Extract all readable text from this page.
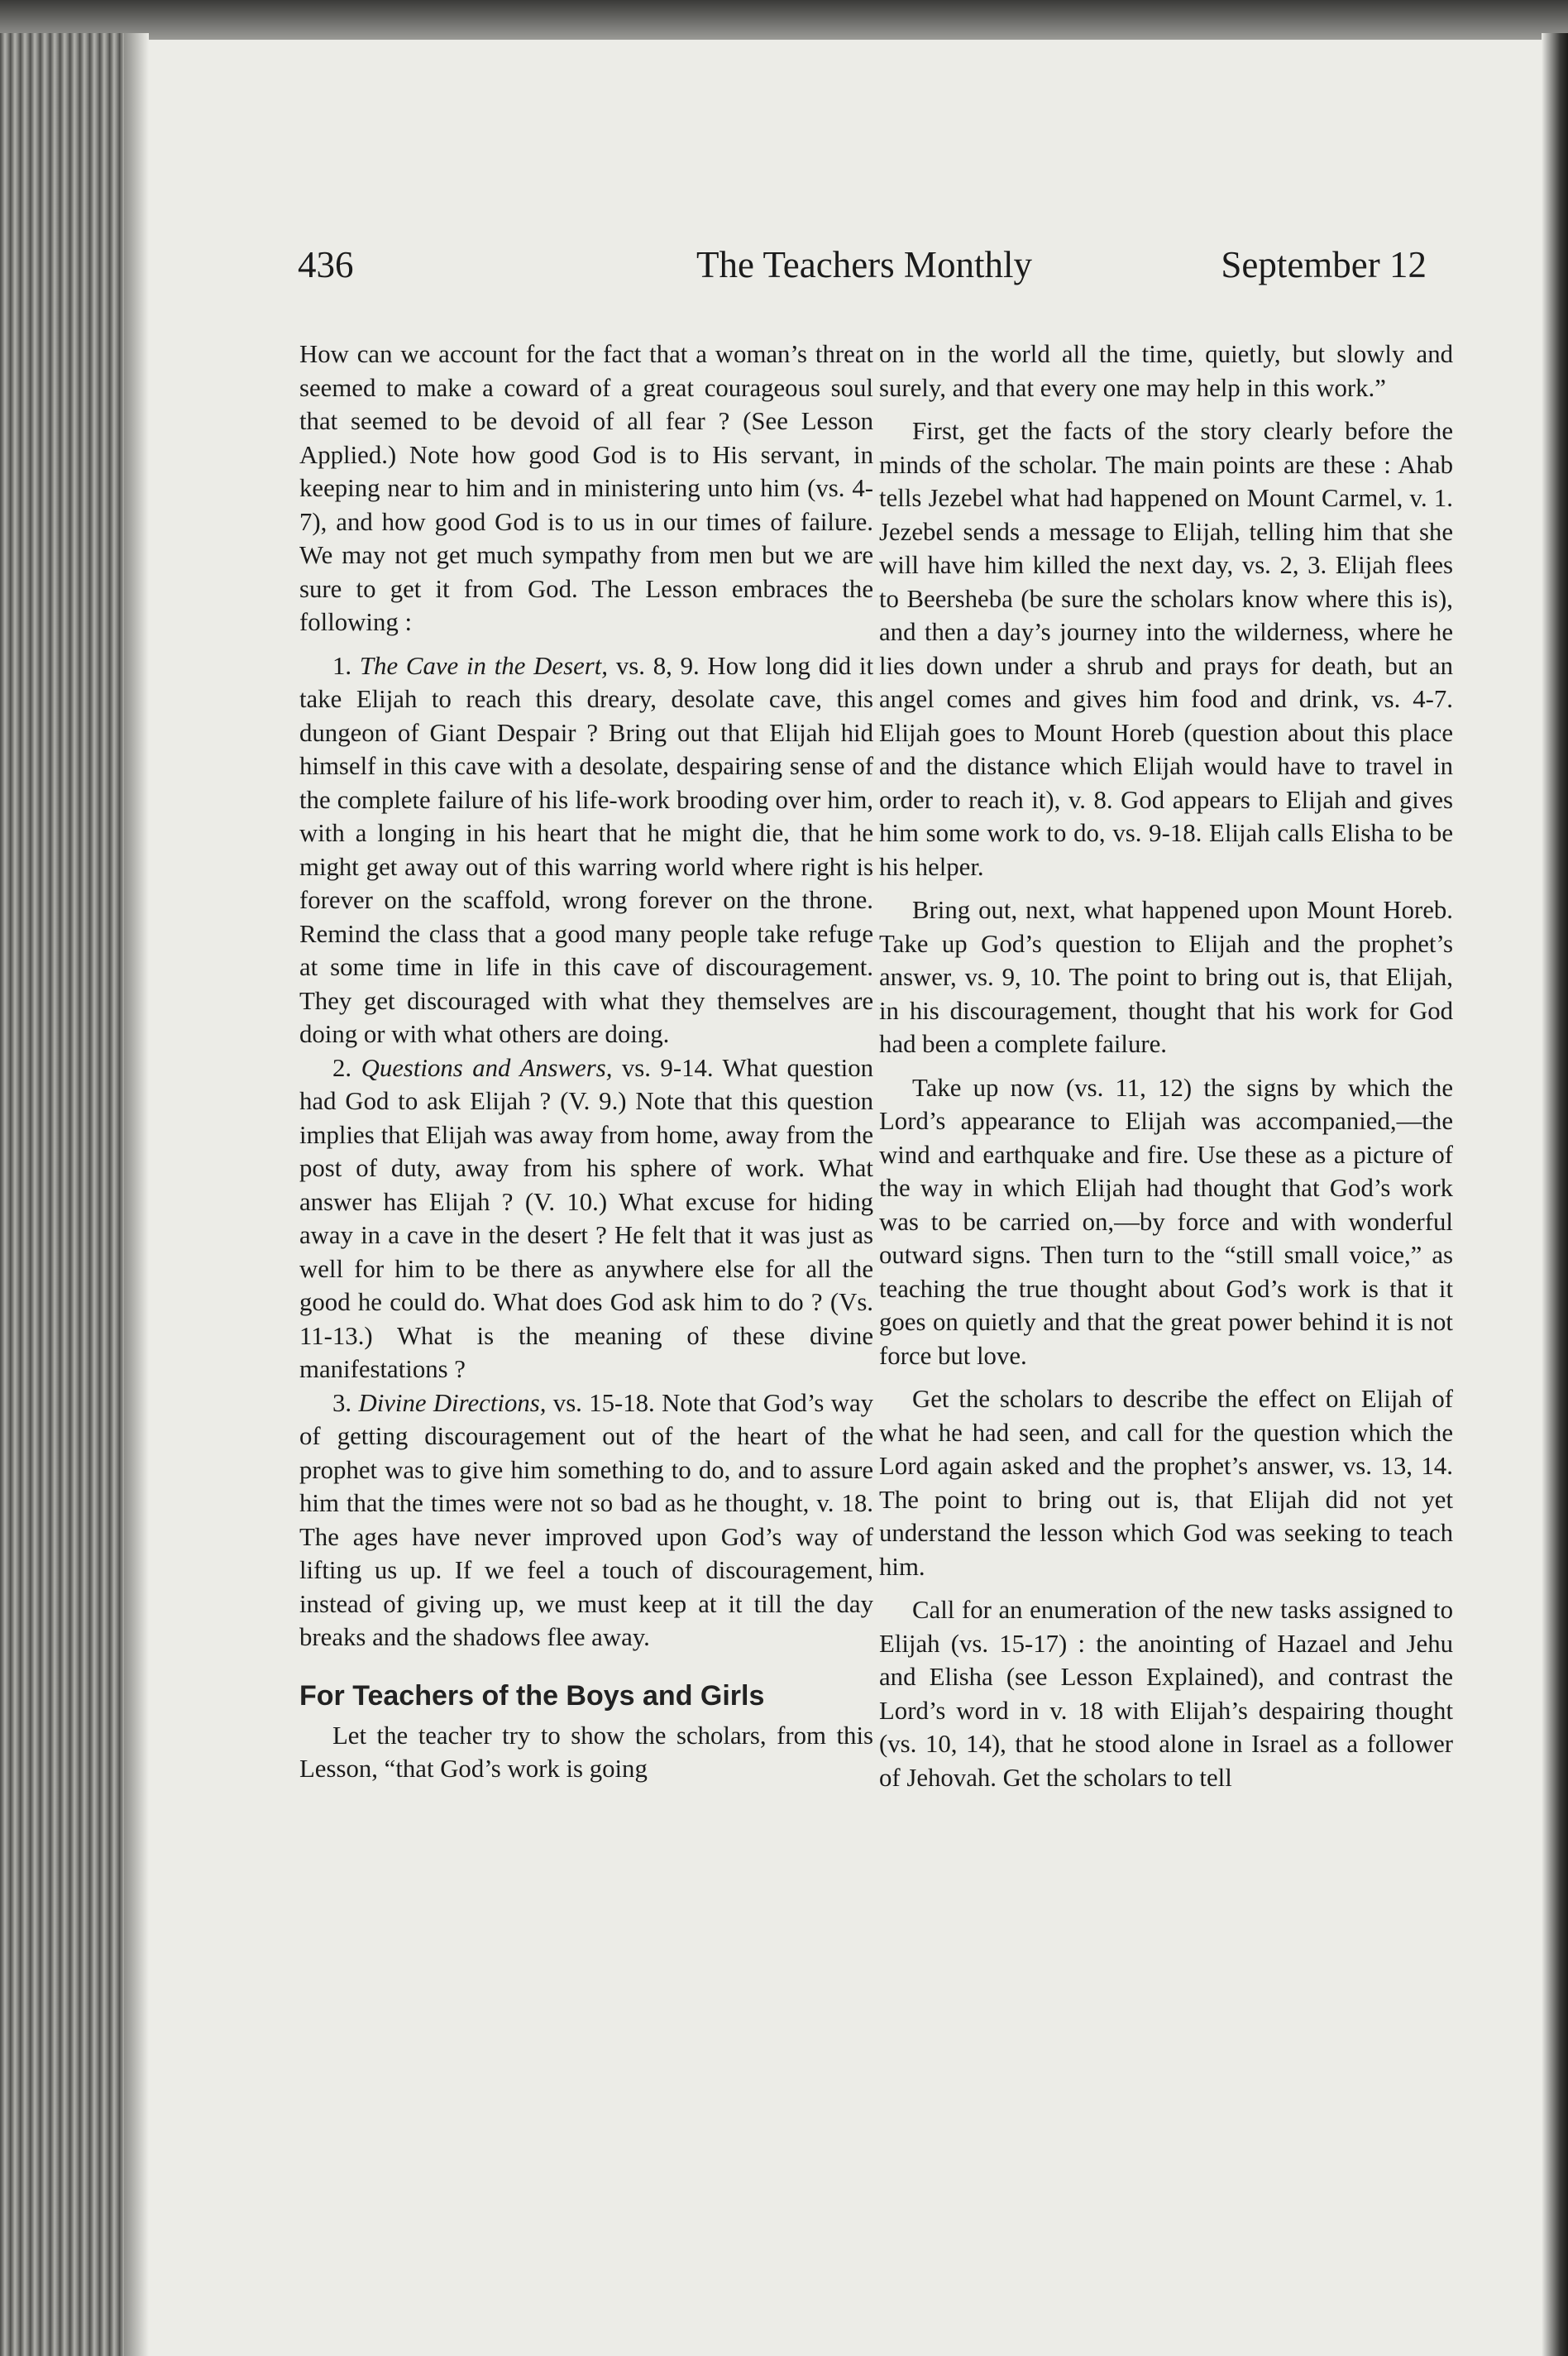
436	The Teachers Monthly	September 12

How can we account for the fact that a woman’s threat seemed to make a coward of a great courageous soul that seemed to be devoid of all fear ? (See Lesson Applied.) Note how good God is to His servant, in keeping near to him and in ministering unto him (vs. 4-7), and how good God is to us in our times of failure. We may not get much sympathy from men but we are sure to get it from God. The Lesson embraces the following :

1. The Cave in the Desert, vs. 8, 9. How long did it take Elijah to reach this dreary, desolate cave, this dungeon of Giant Despair ? Bring out that Elijah hid himself in this cave with a desolate, despairing sense of the complete failure of his life-work brooding over him, with a longing in his heart that he might die, that he might get away out of this warring world where right is forever on the scaffold, wrong forever on the throne. Remind the class that a good many people take refuge at some time in life in this cave of discouragement. They get discouraged with what they themselves are doing or with what others are doing.

2. Questions and Answers, vs. 9-14. What question had God to ask Elijah ? (V. 9.) Note that this question implies that Elijah was away from home, away from the post of duty, away from his sphere of work. What answer has Elijah ? (V. 10.) What excuse for hiding away in a cave in the desert ? He felt that it was just as well for him to be there as anywhere else for all the good he could do. What does God ask him to do ? (Vs. 11-13.) What is the meaning of these divine manifestations ?

3. Divine Directions, vs. 15-18. Note that God’s way of getting discouragement out of the heart of the prophet was to give him something to do, and to assure him that the times were not so bad as he thought, v. 18. The ages have never improved upon God’s way of lifting us up. If we feel a touch of discouragement, instead of giving up, we must keep at it till the day breaks and the shadows flee away.

For Teachers of the Boys and Girls

Let the teacher try to show the scholars, from this Lesson, “that God’s work is going

on in the world all the time, quietly, but slowly and surely, and that every one may help in this work.”

First, get the facts of the story clearly before the minds of the scholar. The main points are these : Ahab tells Jezebel what had happened on Mount Carmel, v. 1. Jezebel sends a message to Elijah, telling him that she will have him killed the next day, vs. 2, 3. Elijah flees to Beersheba (be sure the scholars know where this is), and then a day’s journey into the wilderness, where he lies down under a shrub and prays for death, but an angel comes and gives him food and drink, vs. 4-7. Elijah goes to Mount Horeb (question about this place and the distance which Elijah would have to travel in order to reach it), v. 8. God appears to Elijah and gives him some work to do, vs. 9-18. Elijah calls Elisha to be his helper.

Bring out, next, what happened upon Mount Horeb. Take up God’s question to Elijah and the prophet’s answer, vs. 9, 10. The point to bring out is, that Elijah, in his discouragement, thought that his work for God had been a complete failure.

Take up now (vs. 11, 12) the signs by which the Lord’s appearance to Elijah was accompanied,—the wind and earthquake and fire. Use these as a picture of the way in which Elijah had thought that God’s work was to be carried on,—by force and with wonderful outward signs. Then turn to the “still small voice,” as teaching the true thought about God’s work is that it goes on quietly and that the great power behind it is not force but love.

Get the scholars to describe the effect on Elijah of what he had seen, and call for the question which the Lord again asked and the prophet’s answer, vs. 13, 14. The point to bring out is, that Elijah did not yet understand the lesson which God was seeking to teach him.

Call for an enumeration of the new tasks assigned to Elijah (vs. 15-17) : the anointing of Hazael and Jehu and Elisha (see Lesson Explained), and contrast the Lord’s word in v. 18 with Elijah’s despairing thought (vs. 10, 14), that he stood alone in Israel as a follower of Jehovah. Get the scholars to tell
